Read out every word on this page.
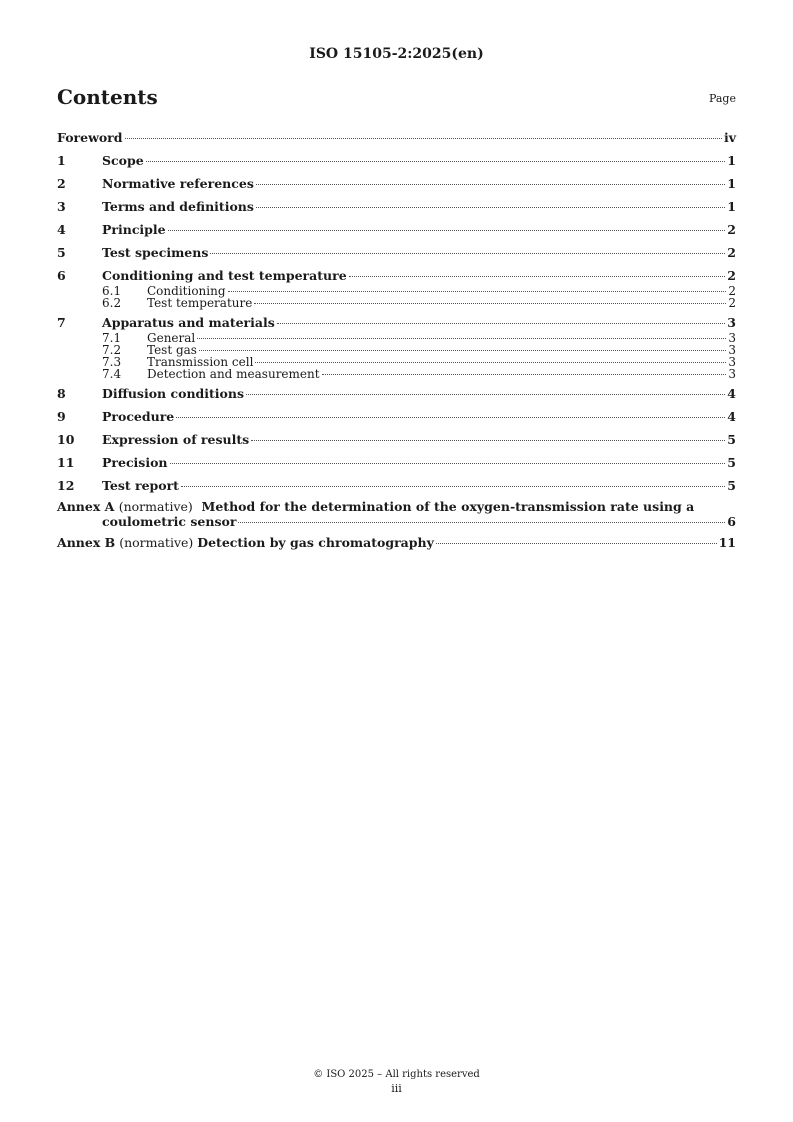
ISO 15105-2:2025(en)
Contents	Page
Foreword	iv
1	Scope	1
2	Normative references	1
3	Terms and definitions	1
4	Principle	2
5	Test specimens	2
6	Conditioning and test temperature	2
6.1	Conditioning	2
6.2	Test temperature	2
7	Apparatus and materials	3
7.1	General	3
7.2	Test gas	3
7.3	Transmission cell	3
7.4	Detection and measurement	3
8	Diffusion conditions	4
9	Procedure	4
10	Expression of results	5
11	Precision	5
12	Test report	5
Annex A (normative) Method for the determination of the oxygen-transmission rate using a
coulometric sensor	6
Annex B
(normative)
Detection by gas chromatography	11
© ISO 2025 – All rights reserved
iii
